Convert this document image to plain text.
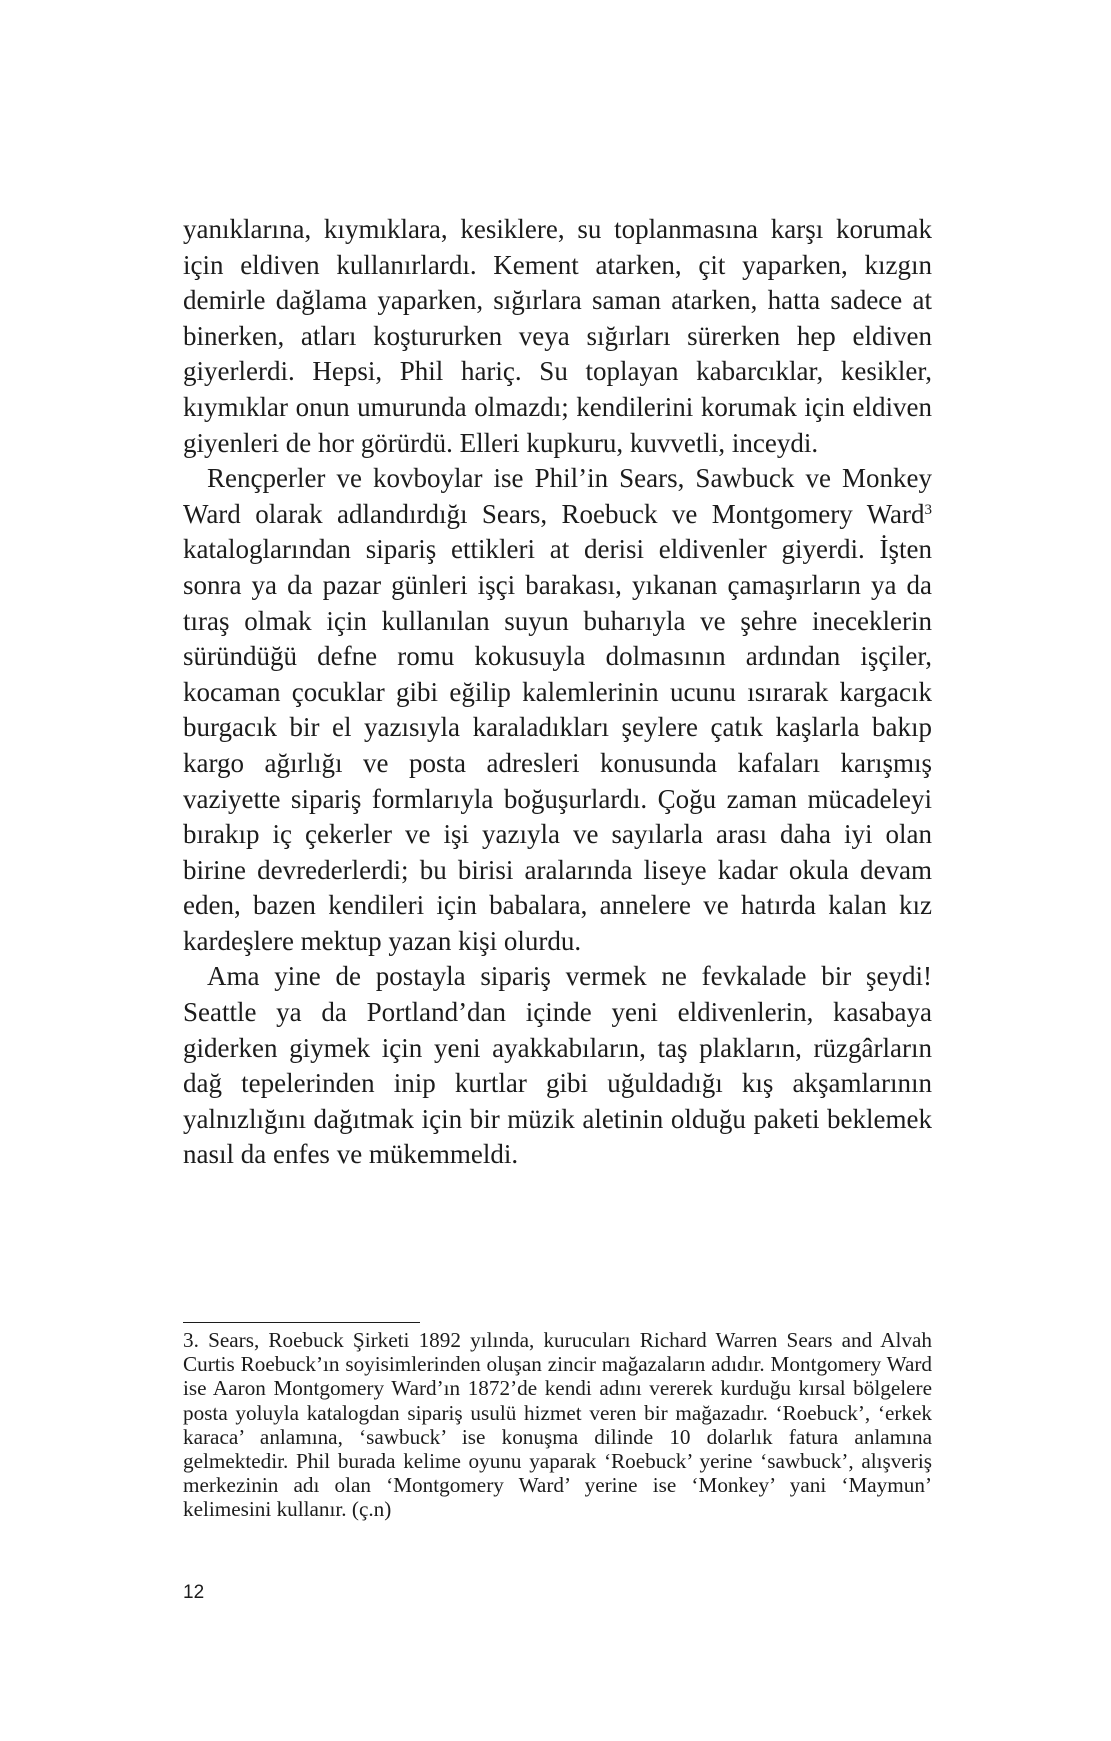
yanıklarına, kıymıklara, kesiklere, su toplanmasına karşı korumak için eldiven kullanırlardı. Kement atarken, çit yaparken, kızgın demirle dağlama yaparken, sığırlara saman atarken, hatta sadece at binerken, atları koştururken veya sığırları sürerken hep eldiven giyerlerdi. Hepsi, Phil hariç. Su toplayan kabarcıklar, kesikler, kıymıklar onun umurunda olmazdı; kendilerini korumak için eldiven giyenleri de hor görürdü. Elleri kupkuru, kuvvetli, inceydi.

Rençperler ve kovboylar ise Phil’in Sears, Sawbuck ve Monkey Ward olarak adlandırdığı Sears, Roebuck ve Montgomery Ward$^3$ kataloglarından sipariş ettikleri at derisi eldivenler giyerdi. İşten sonra ya da pazar günleri işçi barakası, yıkanan çamaşırların ya da tıraş olmak için kullanılan suyun buharıyla ve şehre ineceklerin süründüğü defne romu kokusuyla dolmasının ardından işçiler, kocaman çocuklar gibi eğilip kalemlerinin ucunu ısırarak kargacık burgacık bir el yazısıyla karaladıkları şeylere çatık kaşlarla bakıp kargo ağırlığı ve posta adresleri konusunda kafaları karışmış vaziyette sipariş formlarıyla boğuşurlardı. Çoğu zaman mücadeleyi bırakıp iç çekerler ve işi yazıyla ve sayılarla arası daha iyi olan birine devrederlerdi; bu birisi aralarında liseye kadar okula devam eden, bazen kendileri için babalara, annelere ve hatırda kalan kız kardeşlere mektup yazan kişi olurdu.

Ama yine de postayla sipariş vermek ne fevkalade bir şeydi! Seattle ya da Portland’dan içinde yeni eldivenlerin, kasabaya giderken giymek için yeni ayakkabıların, taş plakların, rüzgârların dağ tepelerinden inip kurtlar gibi uğuldadığı kış akşamlarının yalnızlığını dağıtmak için bir müzik aletinin olduğu paketi beklemek nasıl da enfes ve mükemmeldi.

3. Sears, Roebuck Şirketi 1892 yılında, kurucuları Richard Warren Sears and Alvah Curtis Roebuck’ın soyisimlerinden oluşan zincir mağazaların adıdır. Montgomery Ward ise Aaron Montgomery Ward’ın 1872’de kendi adını vererek kurduğu kırsal bölgelere posta yoluyla katalogdan sipariş usulü hizmet veren bir mağazadır. ‘Roebuck’, ‘erkek karaca’ anlamına, ‘sawbuck’ ise konuşma dilinde 10 dolarlık fatura anlamına gelmektedir. Phil burada kelime oyunu yaparak ‘Roebuck’ yerine ‘sawbuck’, alışveriş merkezinin adı olan ‘Montgomery Ward’ yerine ise ‘Monkey’ yani ‘Maymun’ kelimesini kullanır. (ç.n)

12
